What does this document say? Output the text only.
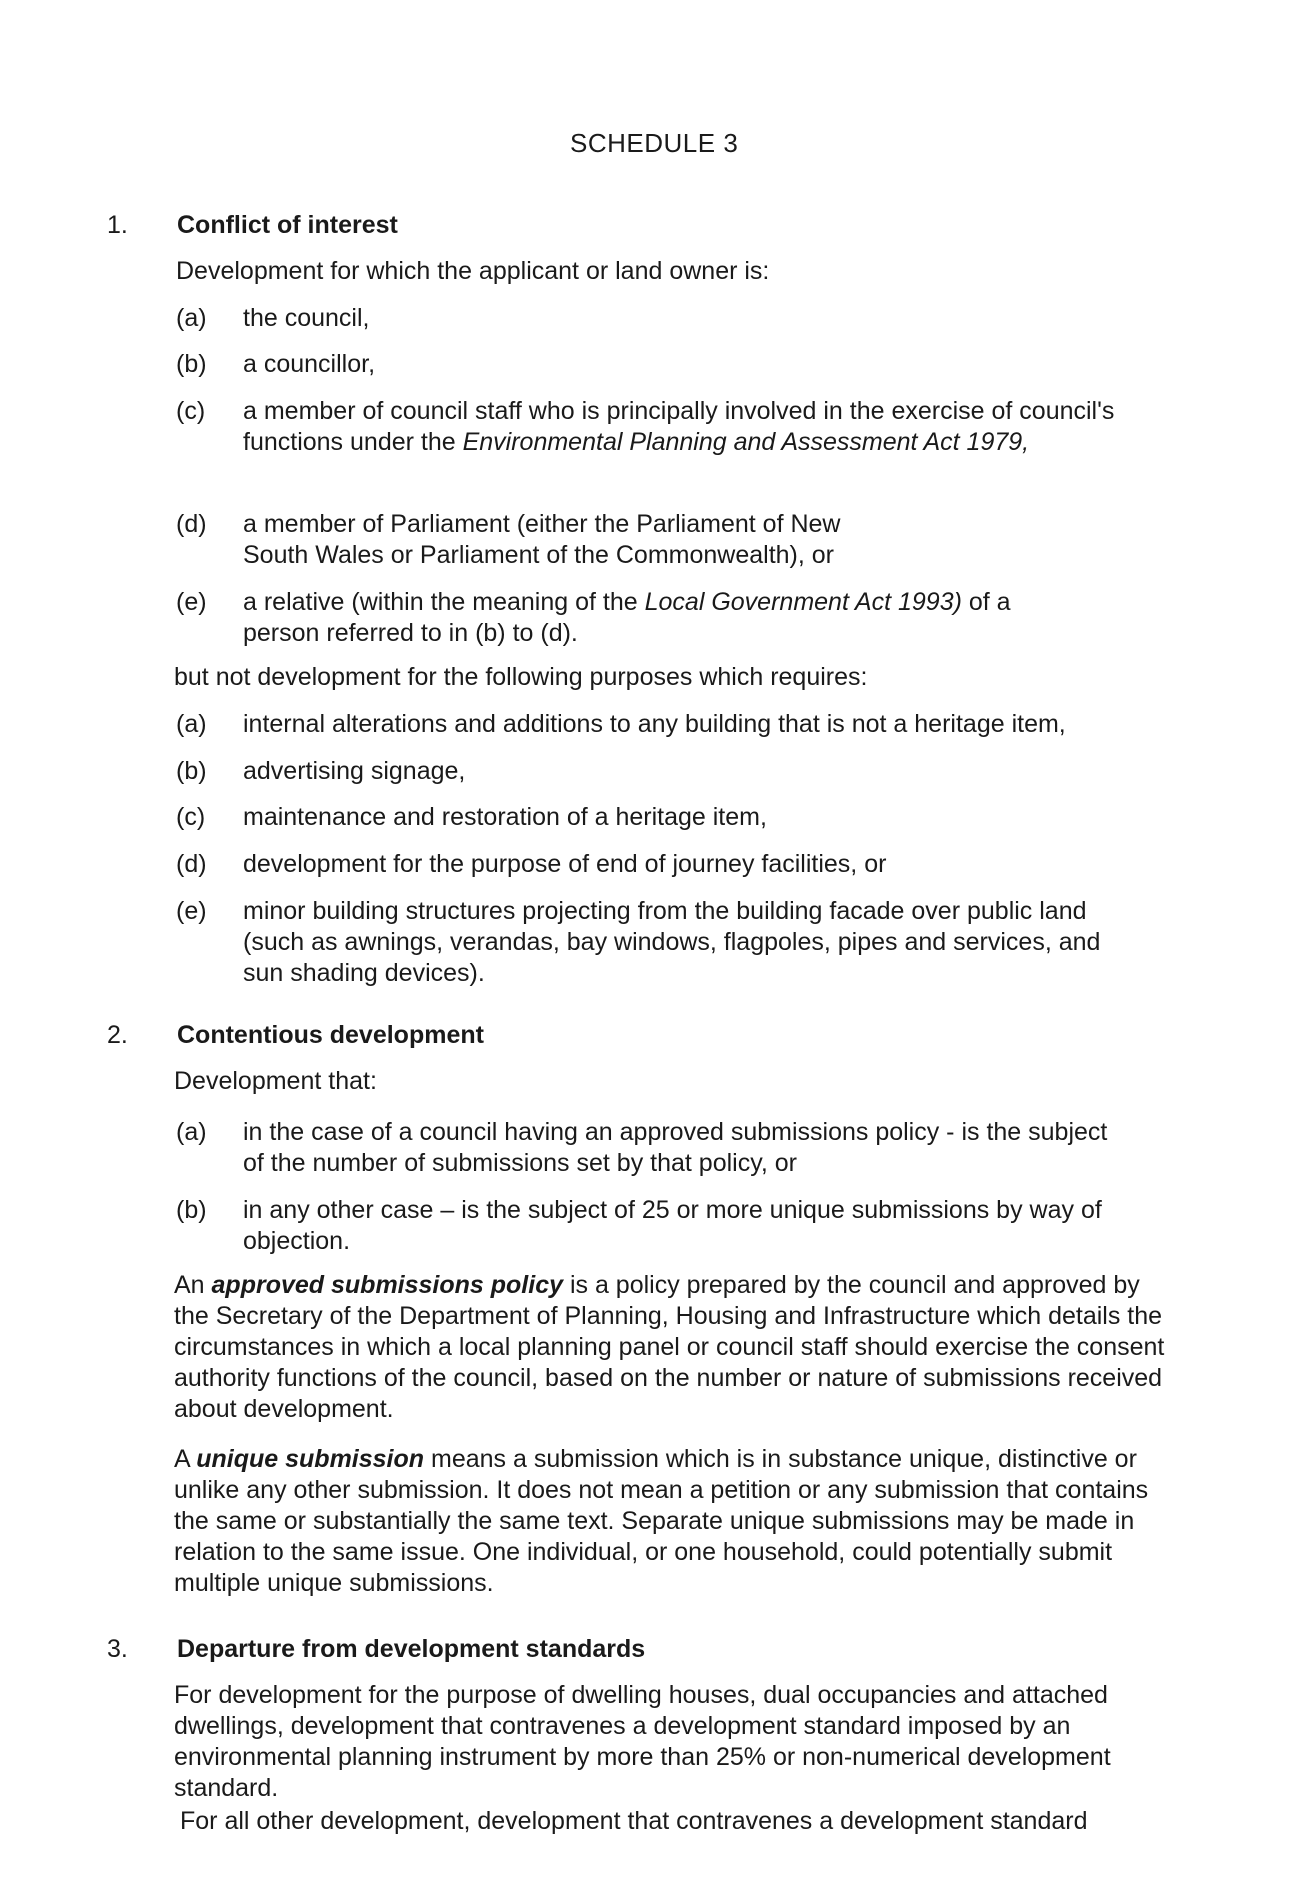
SCHEDULE 3
1. Conflict of interest
Development for which the applicant or land owner is:
(a)	the council,
(b)	a councillor,
(c)	a member of council staff who is principally involved in the exercise of council's functions under the Environmental Planning and Assessment Act 1979,
(d)	a member of Parliament (either the Parliament of New South Wales or Parliament of the Commonwealth), or
(e)	a relative (within the meaning of the Local Government Act 1993) of a person referred to in (b) to (d).
but not development for the following purposes which requires:
(a)	internal alterations and additions to any building that is not a heritage item,
(b)	advertising signage,
(c)	maintenance and restoration of a heritage item,
(d)	development for the purpose of end of journey facilities, or
(e)	minor building structures projecting from the building facade over public land (such as awnings, verandas, bay windows, flagpoles, pipes and services, and sun shading devices).
2. Contentious development
Development that:
(a)	in the case of a council having an approved submissions policy - is the subject of the number of submissions set by that policy, or
(b)	in any other case – is the subject of 25 or more unique submissions by way of objection.
An approved submissions policy is a policy prepared by the council and approved by the Secretary of the Department of Planning, Housing and Infrastructure which details the circumstances in which a local planning panel or council staff should exercise the consent authority functions of the council, based on the number or nature of submissions received about development.
A unique submission means a submission which is in substance unique, distinctive or unlike any other submission. It does not mean a petition or any submission that contains the same or substantially the same text. Separate unique submissions may be made in relation to the same issue. One individual, or one household, could potentially submit multiple unique submissions.
3. Departure from development standards
For development for the purpose of dwelling houses, dual occupancies and attached dwellings, development that contravenes a development standard imposed by an environmental planning instrument by more than 25% or non-numerical development standard.
For all other development, development that contravenes a development standard
